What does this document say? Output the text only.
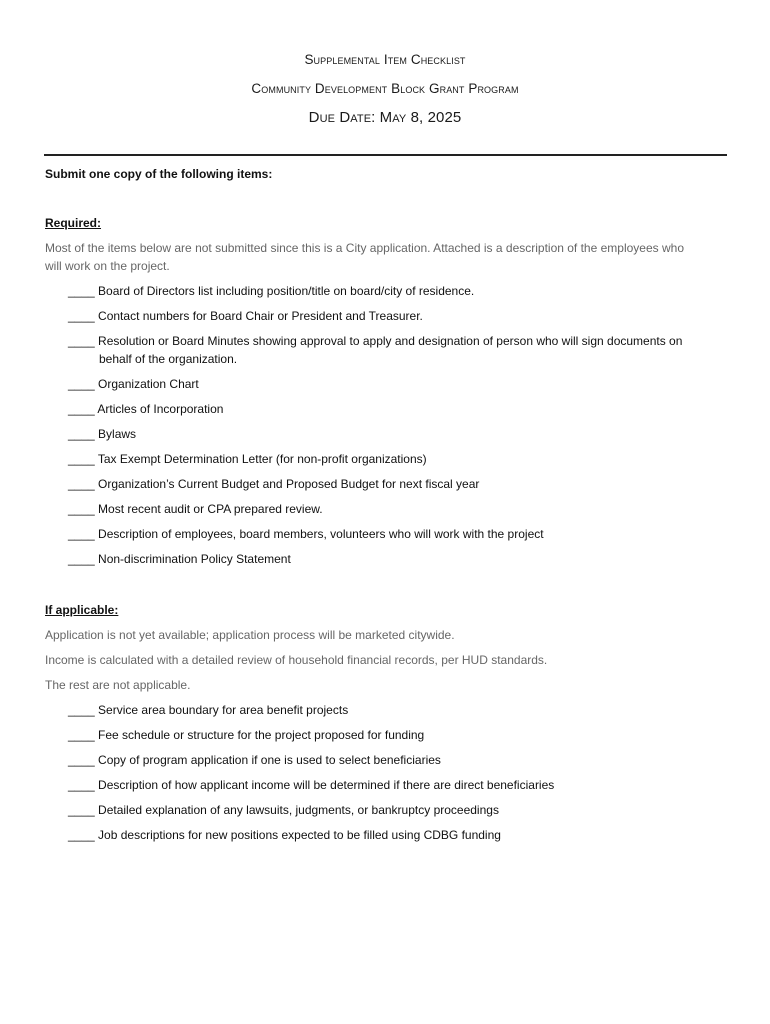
Supplemental Item Checklist
Community Development Block Grant Program
Due Date: May 8, 2025
Submit one copy of the following items:
Required:
Most of the items below are not submitted since this is a City application. Attached is a description of the employees who
will work on the project.
____ Board of Directors list including position/title on board/city of residence.
____ Contact numbers for Board Chair or President and Treasurer.
____ Resolution or Board Minutes showing approval to apply and designation of person who will sign documents on
behalf of the organization.
____ Organization Chart
____ Articles of Incorporation
____ Bylaws
____ Tax Exempt Determination Letter (for non-profit organizations)
____ Organization’s Current Budget and Proposed Budget for next fiscal year
____ Most recent audit or CPA prepared review.
____ Description of employees, board members, volunteers who will work with the project
____ Non-discrimination Policy Statement
If applicable:
Application is not yet available; application process will be marketed citywide.
Income is calculated with a detailed review of household financial records, per HUD standards.
The rest are not applicable.
____ Service area boundary for area benefit projects
____ Fee schedule or structure for the project proposed for funding
____ Copy of program application if one is used to select beneficiaries
____ Description of how applicant income will be determined if there are direct beneficiaries
____ Detailed explanation of any lawsuits, judgments, or bankruptcy proceedings
____ Job descriptions for new positions expected to be filled using CDBG funding
